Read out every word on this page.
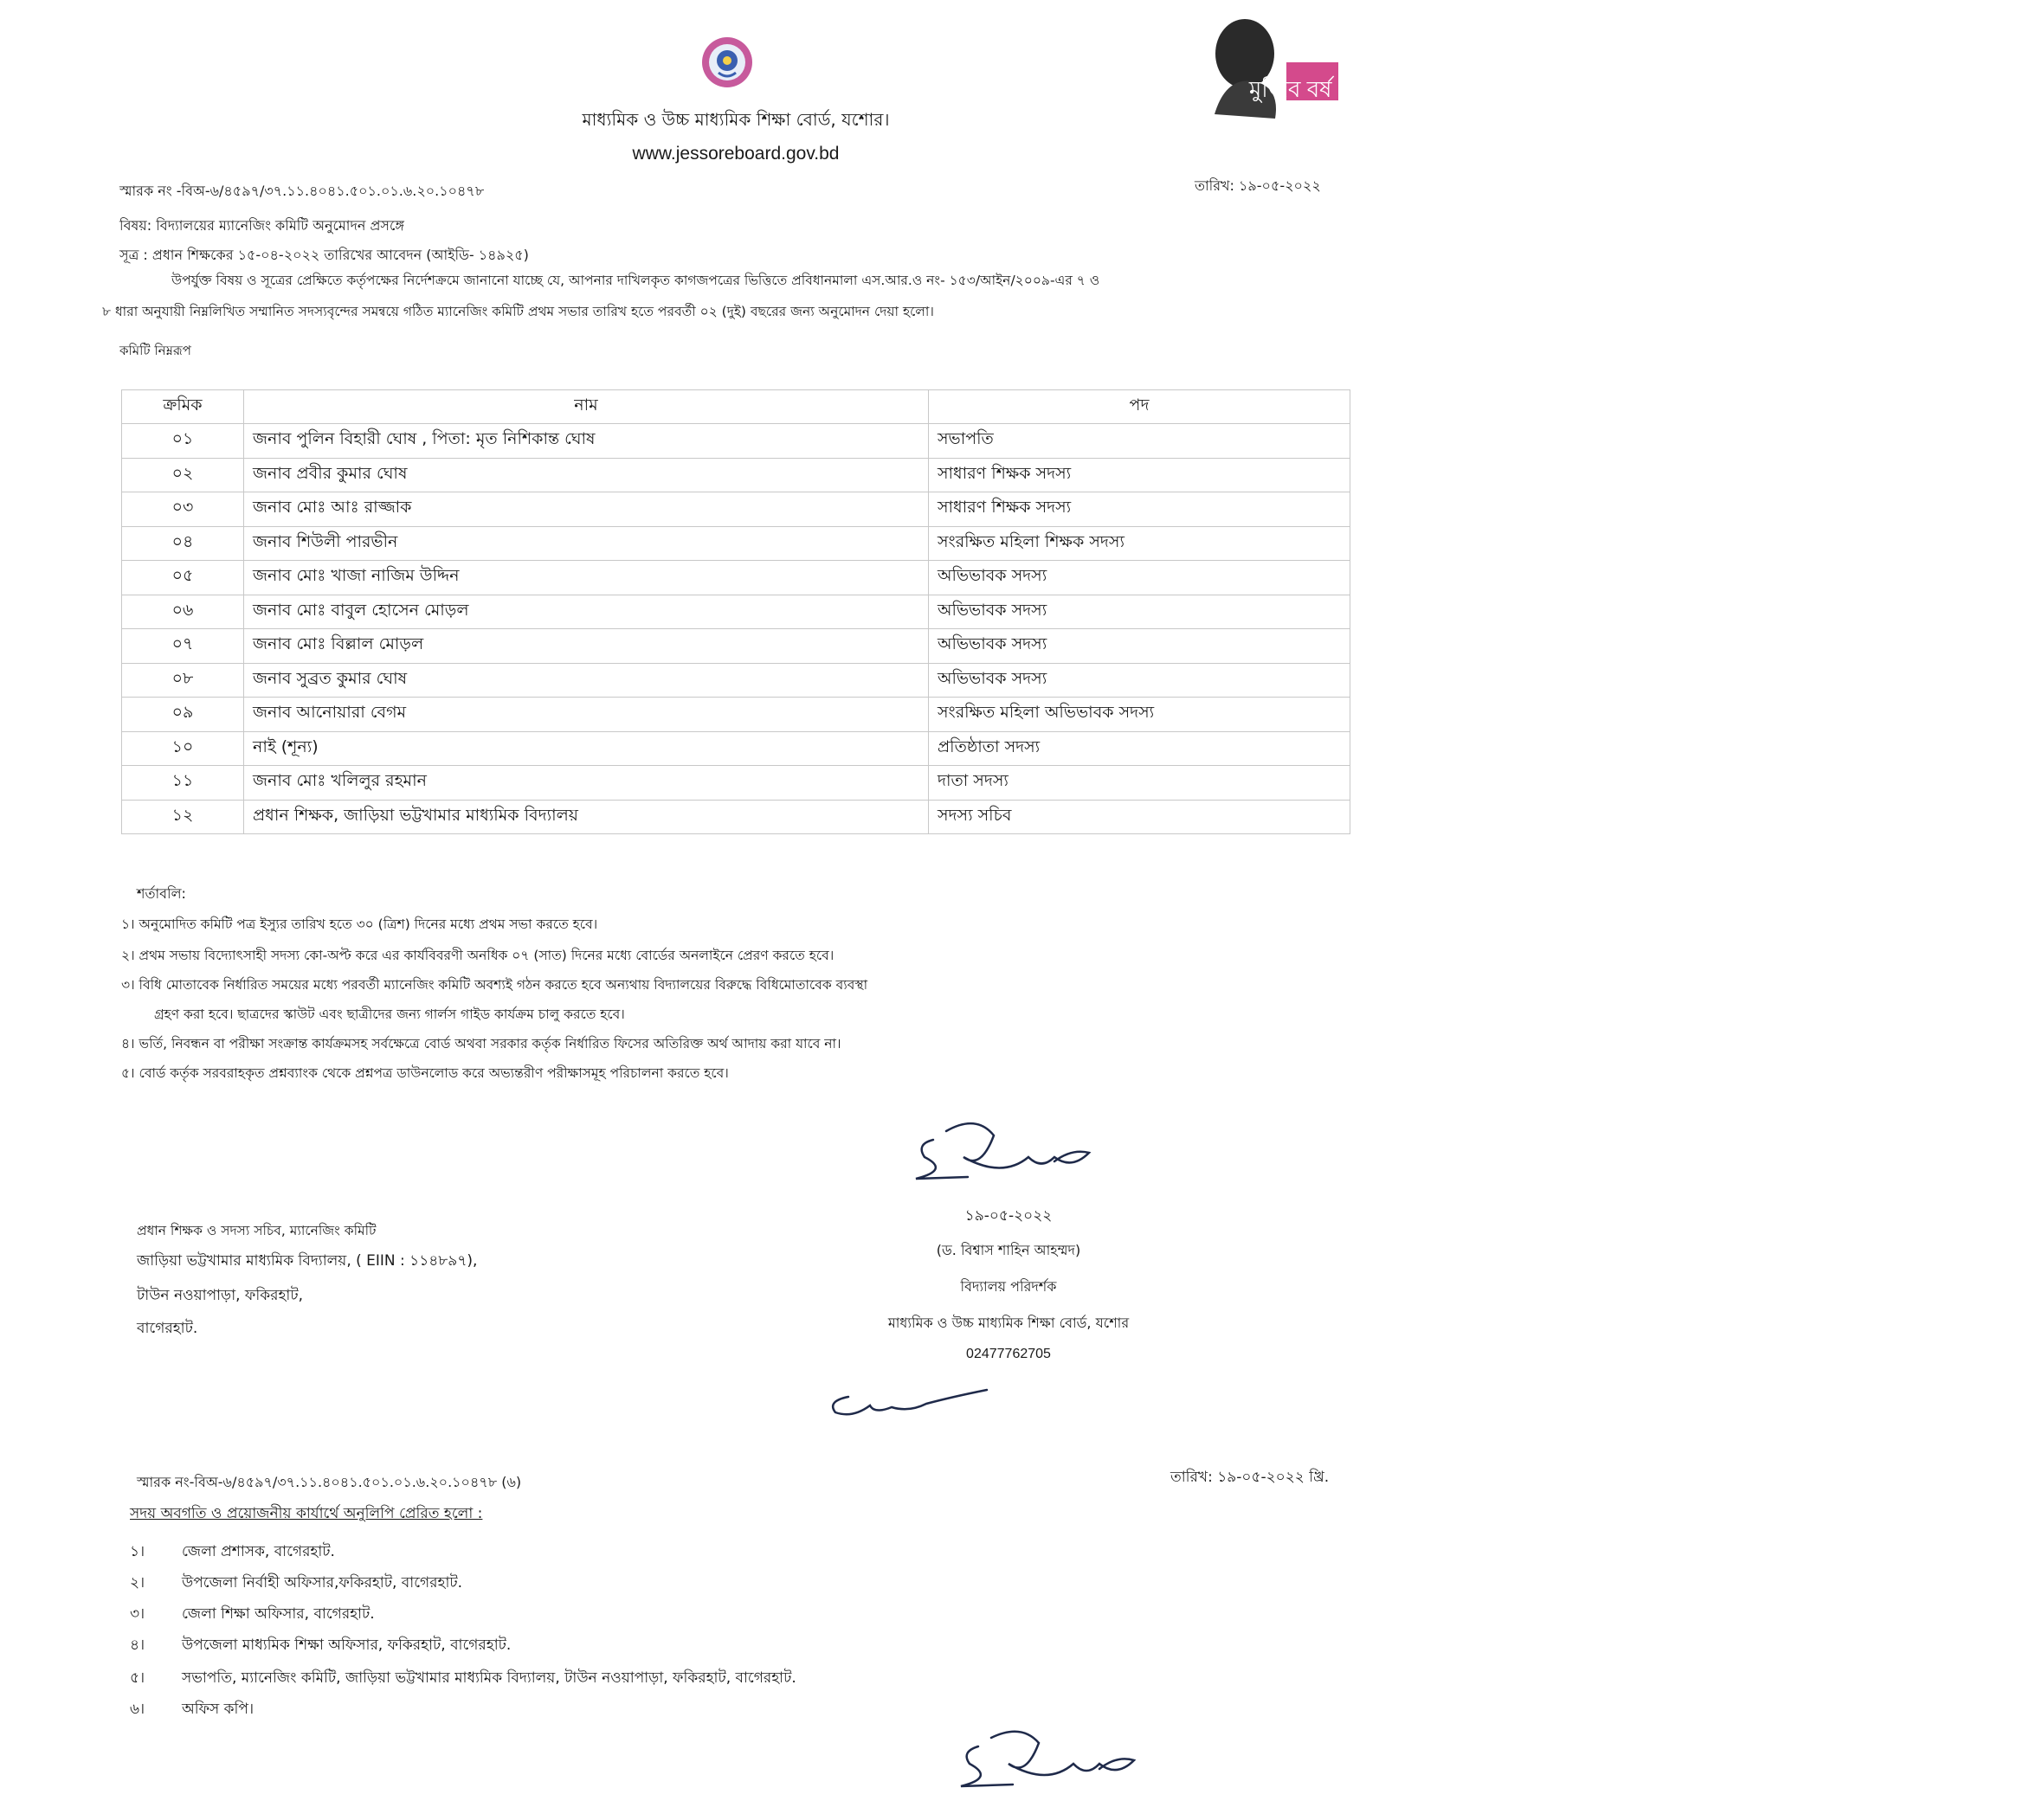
মুজিব বর্ষ 100
মাধ্যমিক ও উচ্চ মাধ্যমিক শিক্ষা বোর্ড, যশোর।
www.jessoreboard.gov.bd
স্মারক নং -বিঅ-৬/৪৫৯৭/৩৭.১১.৪০৪১.৫০১.০১.৬.২০.১০৪৭৮	তারিখ: ১৯-০৫-২০২২
বিষয়: বিদ্যালয়ের ম্যানেজিং কমিটি অনুমোদন প্রসঙ্গে
সূত্র : প্রধান শিক্ষকের ১৫-০৪-২০২২ তারিখের আবেদন (আইডি- ১৪৯২৫)
উপর্যুক্ত বিষয় ও সূত্রের প্রেক্ষিতে কর্তৃপক্ষের নির্দেশক্রমে জানানো যাচ্ছে যে, আপনার দাখিলকৃত কাগজপত্রের ভিত্তিতে প্রবিধানমালা এস.আর.ও নং- ১৫৩/আইন/২০০৯-এর ৭ ও
৮ ধারা অনুযায়ী নিম্নলিখিত সম্মানিত সদস্যবৃন্দের সমন্বয়ে গঠিত ম্যানেজিং কমিটি প্রথম সভার তারিখ হতে পরবর্তী ০২ (দুই) বছরের জন্য অনুমোদন দেয়া হলো।
কমিটি নিম্নরূপ
ক্রমিক	নাম	পদ
০১	জনাব পুলিন বিহারী ঘোষ , পিতা: মৃত নিশিকান্ত ঘোষ	সভাপতি
০২	জনাব প্রবীর কুমার ঘোষ	সাধারণ শিক্ষক সদস্য
০৩	জনাব মোঃ আঃ রাজ্জাক	সাধারণ শিক্ষক সদস্য
০৪	জনাব শিউলী পারভীন	সংরক্ষিত মহিলা শিক্ষক সদস্য
০৫	জনাব মোঃ খাজা নাজিম উদ্দিন	অভিভাবক সদস্য
০৬	জনাব মোঃ বাবুল হোসেন মোড়ল	অভিভাবক সদস্য
০৭	জনাব মোঃ বিল্লাল মোড়ল	অভিভাবক সদস্য
০৮	জনাব সুব্রত কুমার ঘোষ	অভিভাবক সদস্য
০৯	জনাব আনোয়ারা বেগম	সংরক্ষিত মহিলা অভিভাবক সদস্য
১০	নাই (শূন্য)	প্রতিষ্ঠাতা সদস্য
১১	জনাব মোঃ খলিলুর রহমান	দাতা সদস্য
১২	প্রধান শিক্ষক, জাড়িয়া ভট্টখামার মাধ্যমিক বিদ্যালয়	সদস্য সচিব
শর্তাবলি:
১। অনুমোদিত কমিটি পত্র ইস্যুর তারিখ হতে ৩০ (ত্রিশ) দিনের মধ্যে প্রথম সভা করতে হবে।
২। প্রথম সভায় বিদ্যোৎসাহী সদস্য কো-অপ্ট করে এর কার্যবিবরণী অনধিক ০৭ (সাত) দিনের মধ্যে বোর্ডের অনলাইনে প্রেরণ করতে হবে।
৩। বিধি মোতাবেক নির্ধারিত সময়ের মধ্যে পরবর্তী ম্যানেজিং কমিটি অবশ্যই গঠন করতে হবে অন্যথায় বিদ্যালয়ের বিরুদ্ধে বিধিমোতাবেক ব্যবস্থা
গ্রহণ করা হবে। ছাত্রদের স্কাউট এবং ছাত্রীদের জন্য গার্লস গাইড কার্যক্রম চালু করতে হবে।
৪। ভর্তি, নিবন্ধন বা পরীক্ষা সংক্রান্ত কার্যক্রমসহ সর্বক্ষেত্রে বোর্ড অথবা সরকার কর্তৃক নির্ধারিত ফিসের অতিরিক্ত অর্থ আদায় করা যাবে না।
৫। বোর্ড কর্তৃক সরবরাহকৃত প্রশ্নব্যাংক থেকে প্রশ্নপত্র ডাউনলোড করে অভ্যন্তরীণ পরীক্ষাসমূহ পরিচালনা করতে হবে।
১৯-০৫-২০২২
(ড. বিশ্বাস শাহিন আহম্মদ)
বিদ্যালয় পরিদর্শক
মাধ্যমিক ও উচ্চ মাধ্যমিক শিক্ষা বোর্ড, যশোর
02477762705
প্রধান শিক্ষক ও সদস্য সচিব, ম্যানেজিং কমিটি
জাড়িয়া ভট্টখামার মাধ্যমিক বিদ্যালয়, ( EIIN : ১১৪৮৯৭),
টাউন নওয়াপাড়া, ফকিরহাট,
বাগেরহাট.
স্মারক নং-বিঅ-৬/৪৫৯৭/৩৭.১১.৪০৪১.৫০১.০১.৬.২০.১০৪৭৮ (৬)	তারিখ: ১৯-০৫-২০২২ খ্রি.
সদয় অবগতি ও প্রয়োজনীয় কার্যার্থে অনুলিপি প্রেরিত হলো :
১।	জেলা প্রশাসক, বাগেরহাট.
২।	উপজেলা নির্বাহী অফিসার,ফকিরহাট, বাগেরহাট.
৩।	জেলা শিক্ষা অফিসার, বাগেরহাট.
৪।	উপজেলা মাধ্যমিক শিক্ষা অফিসার, ফকিরহাট, বাগেরহাট.
৫।	সভাপতি, ম্যানেজিং কমিটি, জাড়িয়া ভট্টখামার মাধ্যমিক বিদ্যালয়, টাউন নওয়াপাড়া, ফকিরহাট, বাগেরহাট.
৬।	অফিস কপি।
